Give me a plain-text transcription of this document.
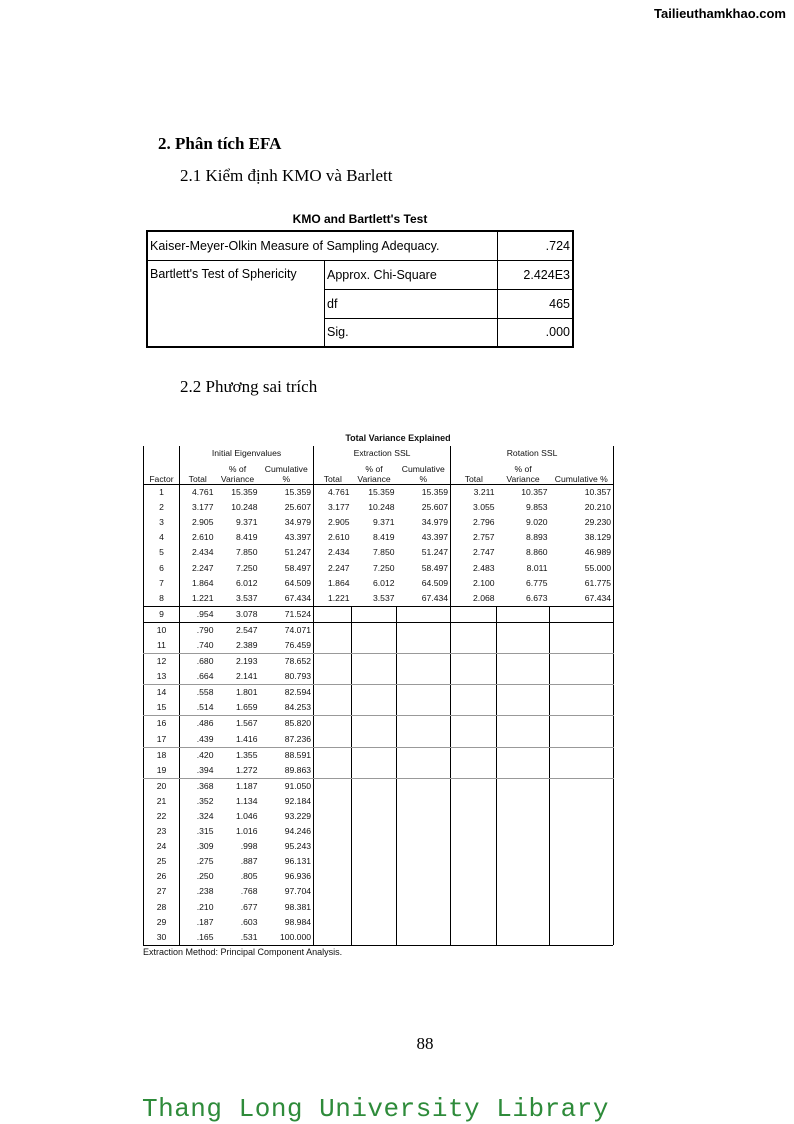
Tailieuthamkhao.com
2. Phân tích EFA
2.1 Kiểm định KMO và Barlett
KMO and Bartlett's Test
Kaiser-Meyer-Olkin Measure of Sampling Adequacy.		.724
Bartlett's Test of Sphericity	Approx. Chi-Square	2.424E3
	df	465
	Sig.	.000
2.2 Phương sai trích
Total Variance Explained
	Initial Eigenvalues			Extraction SSL			Rotation SSL		
Factor	Total	% of Variance	Cumulative %	Total	% of Variance	Cumulative %	Total	% of Variance	Cumulative %
1	4.761	15.359	15.359	4.761	15.359	15.359	3.211	10.357	10.357
2	3.177	10.248	25.607	3.177	10.248	25.607	3.055	9.853	20.210
3	2.905	9.371	34.979	2.905	9.371	34.979	2.796	9.020	29.230
4	2.610	8.419	43.397	2.610	8.419	43.397	2.757	8.893	38.129
5	2.434	7.850	51.247	2.434	7.850	51.247	2.747	8.860	46.989
6	2.247	7.250	58.497	2.247	7.250	58.497	2.483	8.011	55.000
7	1.864	6.012	64.509	1.864	6.012	64.509	2.100	6.775	61.775
8	1.221	3.537	67.434	1.221	3.537	67.434	2.068	6.673	67.434
9	.954	3.078	71.524						
10	.790	2.547	74.071						
11	.740	2.389	76.459						
12	.680	2.193	78.652						
13	.664	2.141	80.793						
14	.558	1.801	82.594						
15	.514	1.659	84.253						
16	.486	1.567	85.820						
17	.439	1.416	87.236						
18	.420	1.355	88.591						
19	.394	1.272	89.863						
20	.368	1.187	91.050						
21	.352	1.134	92.184						
22	.324	1.046	93.229						
23	.315	1.016	94.246						
24	.309	.998	95.243						
25	.275	.887	96.131						
26	.250	.805	96.936						
27	.238	.768	97.704						
28	.210	.677	98.381						
29	.187	.603	98.984						
30	.165	.531	100.000						
Extraction Method: Principal Component Analysis.
88
Thang Long University Library
